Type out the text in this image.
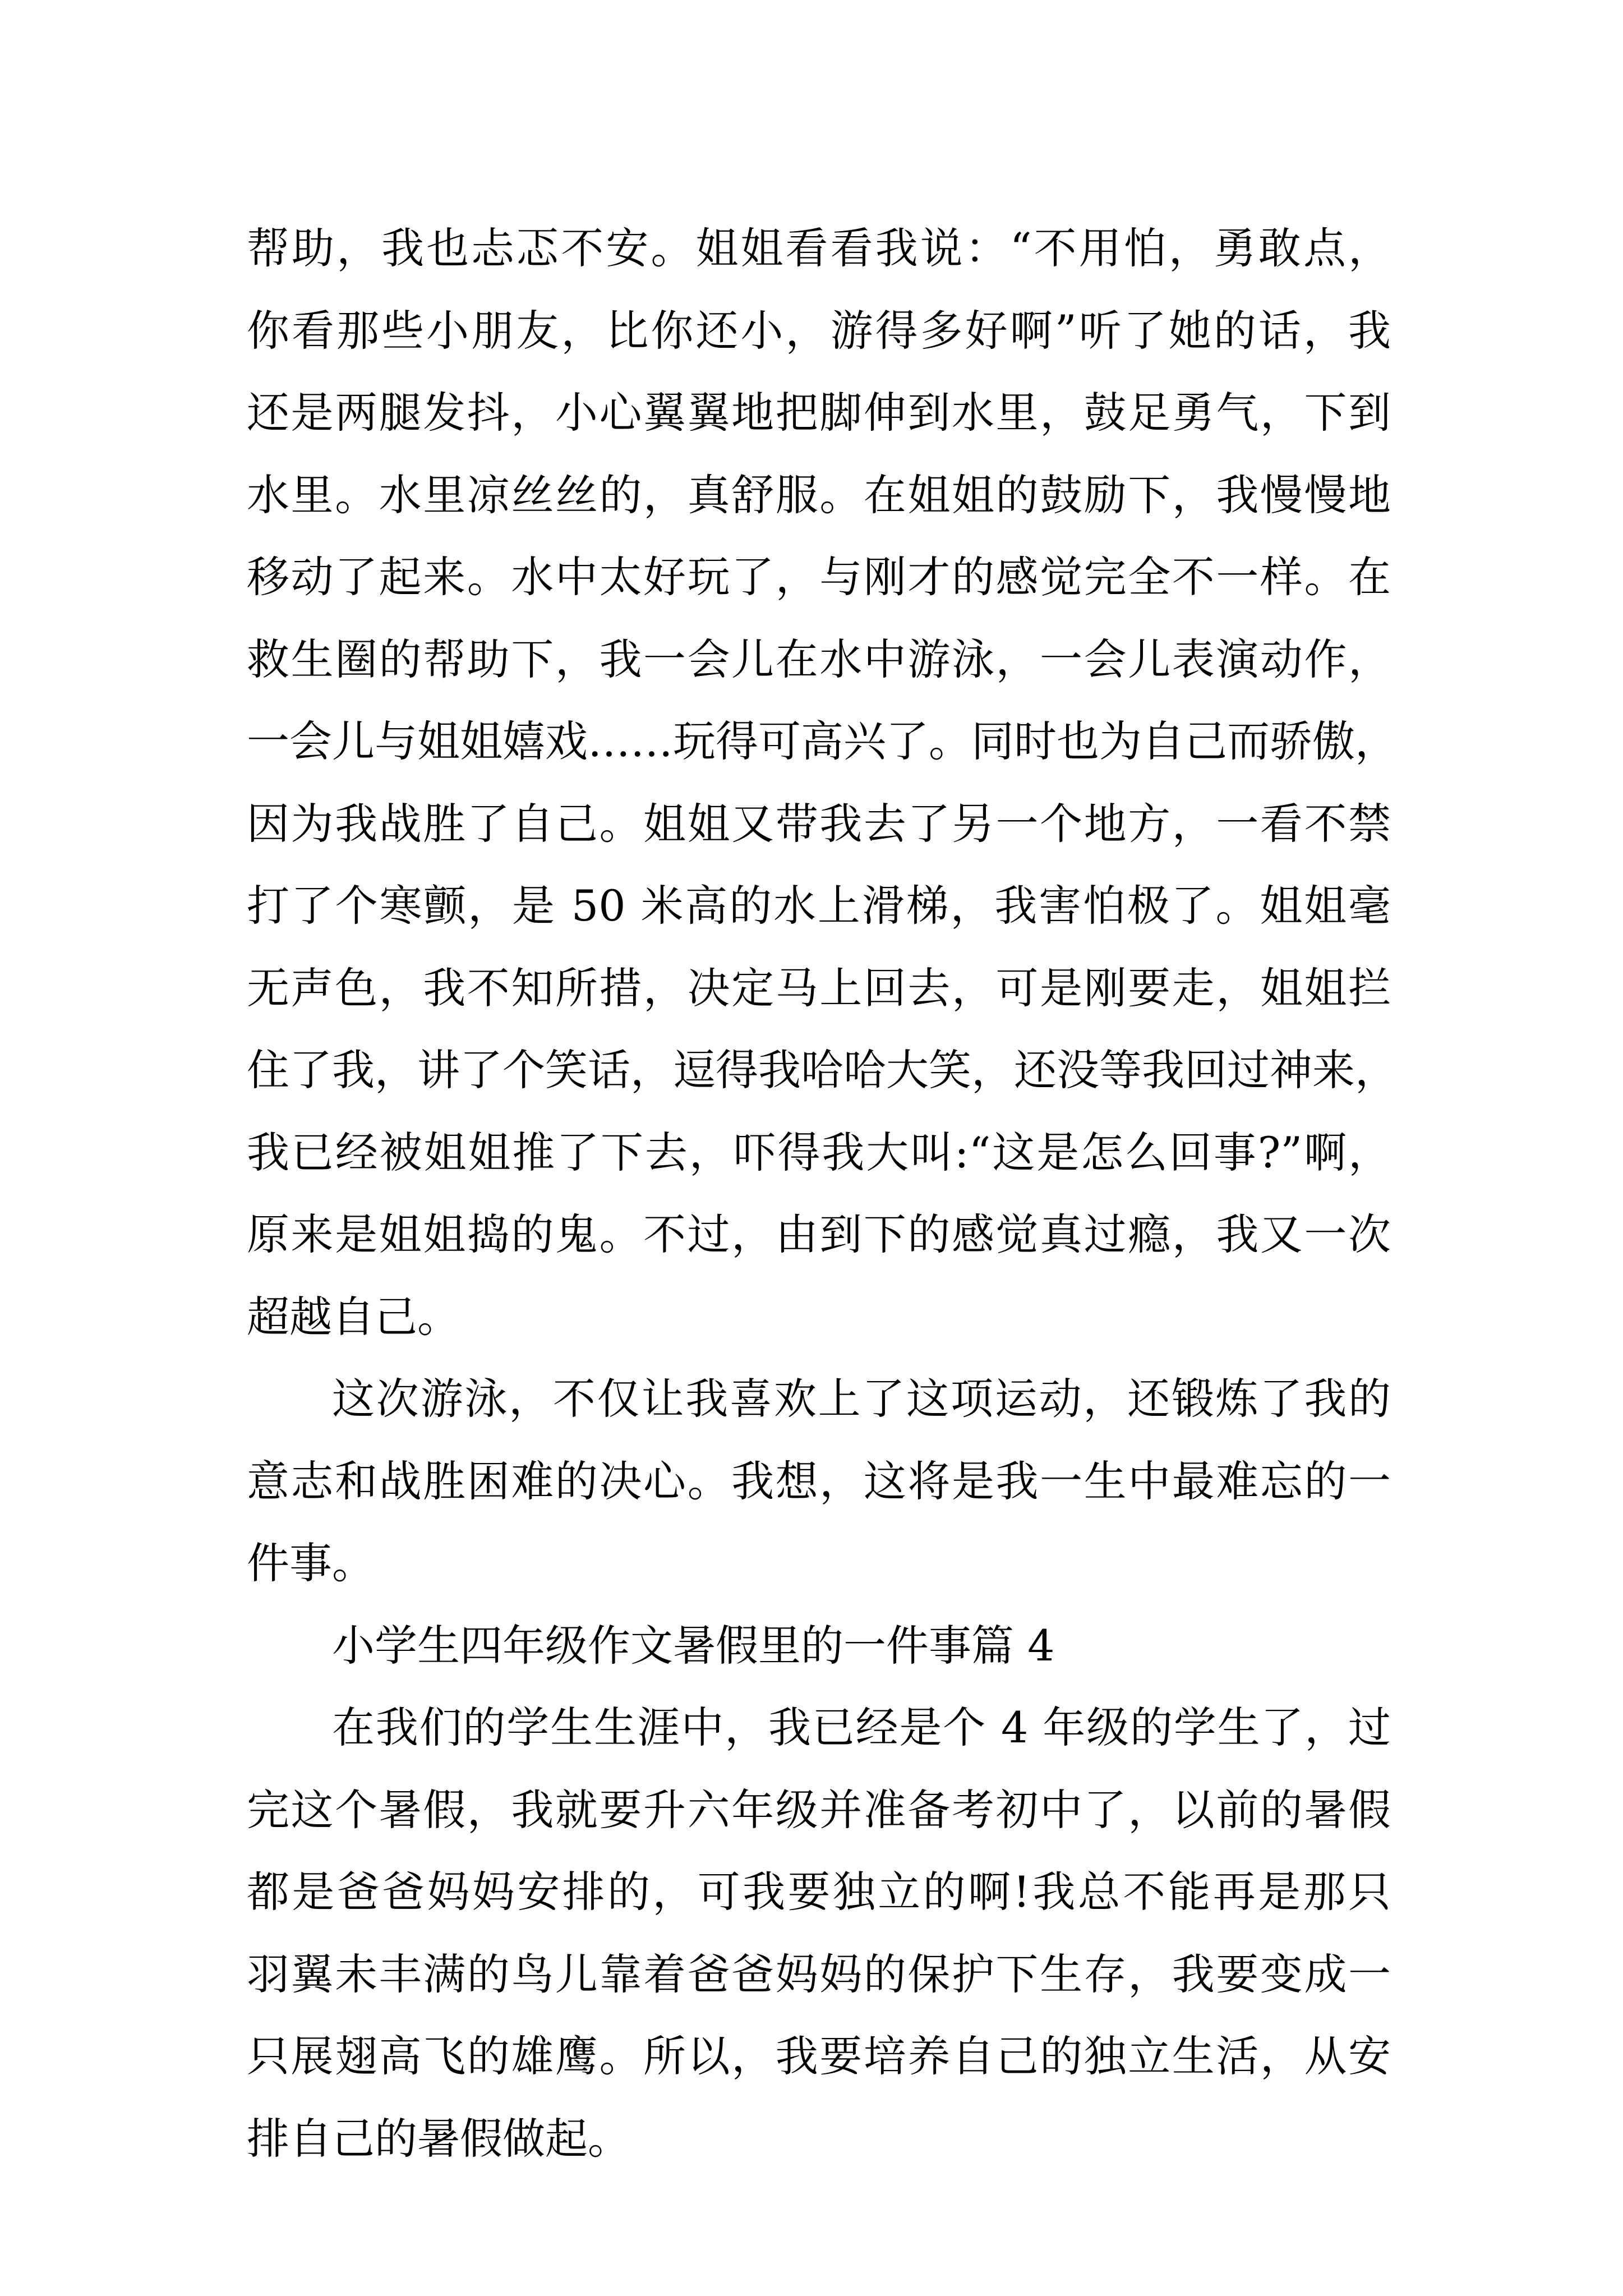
帮助，我也忐忑不安。姐姐看看我说：“不用怕，勇敢点，
你看那些小朋友，比你还小，游得多好啊”听了她的话，我
还是两腿发抖，小心翼翼地把脚伸到水里，鼓足勇气，下到
水里。水里凉丝丝的，真舒服。在姐姐的鼓励下，我慢慢地
移动了起来。水中太好玩了，与刚才的感觉完全不一样。在
救生圈的帮助下，我一会儿在水中游泳，一会儿表演动作，
一会儿与姐姐嬉戏……玩得可高兴了。同时也为自己而骄傲，
因为我战胜了自己。姐姐又带我去了另一个地方，一看不禁
打了个寒颤，是 50 米高的水上滑梯，我害怕极了。姐姐毫
无声色，我不知所措，决定马上回去，可是刚要走，姐姐拦
住了我，讲了个笑话，逗得我哈哈大笑，还没等我回过神来，
我已经被姐姐推了下去，吓得我大叫:“这是怎么回事?”啊，
原来是姐姐捣的鬼。不过，由到下的感觉真过瘾，我又一次
超越自己。
这次游泳，不仅让我喜欢上了这项运动，还锻炼了我的
意志和战胜困难的决心。我想，这将是我一生中最难忘的一
件事。
小学生四年级作文暑假里的一件事篇 4
在我们的学生生涯中，我已经是个 4 年级的学生了，过
完这个暑假，我就要升六年级并准备考初中了，以前的暑假
都是爸爸妈妈安排的，可我要独立的啊!我总不能再是那只
羽翼未丰满的鸟儿靠着爸爸妈妈的保护下生存，我要变成一
只展翅高飞的雄鹰。所以，我要培养自己的独立生活，从安
排自己的暑假做起。
